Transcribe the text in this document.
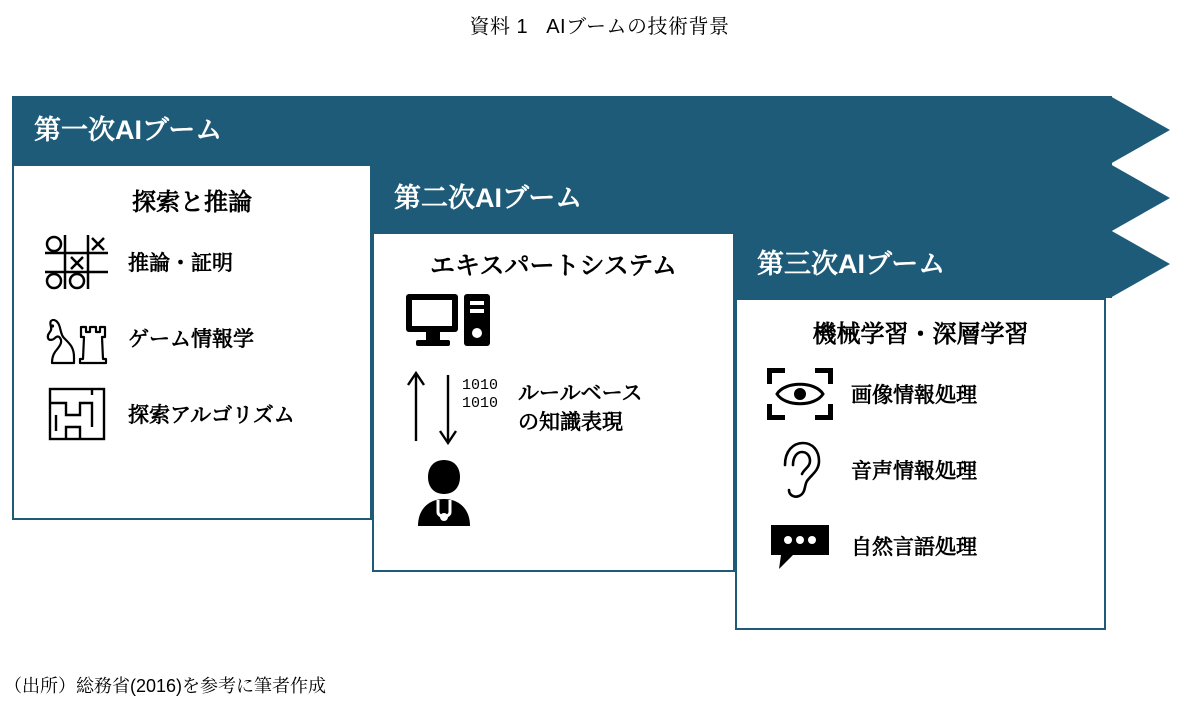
資料 1 AIブームの技術背景
第一次AIブーム
第二次AIブーム
第三次AIブーム
探索と推論
推論・証明
ゲーム情報学
探索アルゴリズム
エキスパートシステム
1010
1010 ルールベース
の知識表現
機械学習・深層学習
画像情報処理
音声情報処理
自然言語処理
（出所）総務省(2016)を参考に筆者作成
